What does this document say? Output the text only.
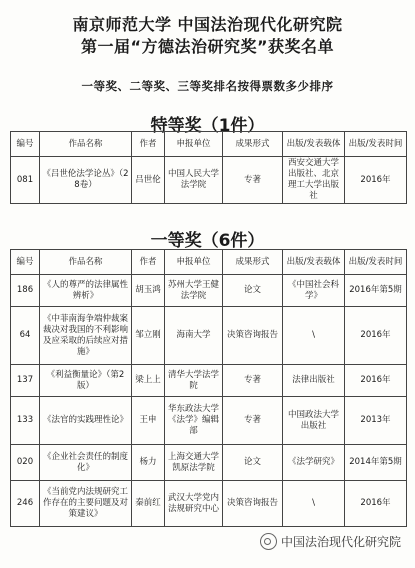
南京师范大学 中国法治现代化研究院
第一届“方德法治研究奖”获奖名单
一等奖、二等奖、三等奖排名按得票数多少排序
特等奖（1件）
编号	作品名称	作者	申报单位	成果形式	出版/发表载体	出版/发表时间
081	《吕世伦法学论丛》（28卷）	吕世伦	中国人民大学法学院	专著	西安交通大学出版社、北京理工大学出版社	2016年
一等奖（6件）
编号	作品名称	作者	申报单位	成果形式	出版/发表载体	出版/发表时间
186	《人的尊严的法律属性辨析》	胡玉鸿	苏州大学王健法学院	论文	《中国社会科学》	2016年第5期
64	《中菲南海争端仲裁案裁决对我国的不利影响及应采取的后续应对措施》	邹立刚	海南大学	决策咨询报告	\	2016年
137	《利益衡量论》（第2版）	梁上上	清华大学法学院	专著	法律出版社	2016年
133	《法官的实践理性论》	王申	华东政法大学《法学》编辑部	专著	中国政法大学出版社	2013年
020	《企业社会责任的制度化》	杨力	上海交通大学凯原法学院	论文	《法学研究》	2014年第5期
246	《当前党内法规研究工作存在的主要问题及对策建议》	秦前红	武汉大学党内法规研究中心	决策咨询报告	\	2016年
中国法治现代化研究院
